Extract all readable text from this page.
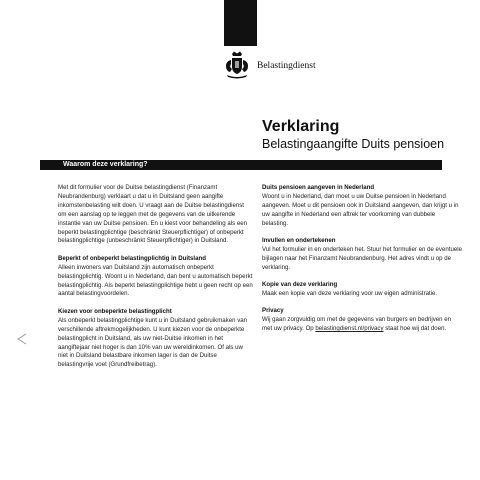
Belastingdienst
Verklaring
Belastingaangifte Duits pensioen
Waarom deze verklaring?

Met dit formulier voor de Duitse belastingdienst (Finanzamt Neubrandenburg) verklaart u dat u in Duitsland geen aangifte inkomstenbelasting wilt doen. U vraagt aan de Duitse belastingdienst om een aanslag op te leggen met de gegevens van de uitkerende instantie van uw Duitse pensioen. En u kiest voor behandeling als een beperkt belastingplichtige (beschränkt Steuerpflichtiger) of onbeperkt belastingplichtige (unbeschränkt Steuerpflichtiger) in Duitsland.

Beperkt of onbeperkt belastingplichtig in Duitsland

Alleen inwoners van Duitsland zijn automatisch onbeperkt belastingplichtig. Woont u in Nederland, dan bent u automatisch beperkt belastingplichtig. Als beperkt belastingplichtige hebt u geen recht op een aantal belastingvoordelen.

Kiezen voor onbeperkte belastingplicht

Als onbeperkt belastingplichtige kunt u in Duitsland gebruikmaken van verschillende aftrekmogelijkheden. U kunt kiezen voor de onbeperkte belastingplicht in Duitsland, als uw niet-Duitse inkomen in het aangiftejaar niet hoger is dan 10% van uw wereldinkomen. Of als uw niet in Duitsland belastbare inkomen lager is dan de Duitse belastingvrije voet (Grundfreibetrag).

Duits pensioen aangeven in Nederland

Woont u in Nederland, dan moet u uw Duitse pensioen in Nederland aangeven. Moet u dit pensioen ook in Duitsland aangeven, dan krijgt u in uw aangifte in Nederland een aftrek ter voorkoming van dubbele belasting.

Invullen en ondertekenen

Vul het formulier in en onderteken het. Stuur het formulier en de eventuele bijlagen naar het Finanzamt Neubrandenburg. Het adres vindt u op de verklaring.

Kopie van deze verklaring

Maak een kopie van deze verklaring voor uw eigen administratie.

Privacy

Wij gaan zorgvuldig om met de gegevens van burgers en bedrijven en met uw privacy. Op belastingdienst.nl/privacy staat hoe wij dat doen.
